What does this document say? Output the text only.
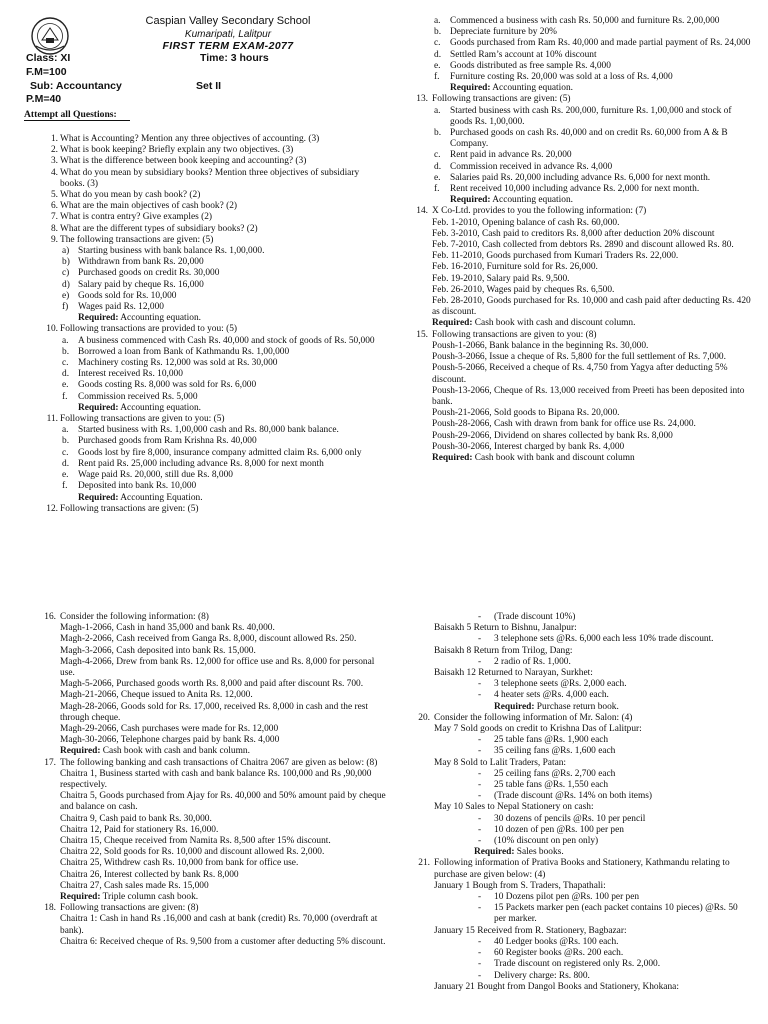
Caspian Valley Secondary School
Kumaripati, Lalitpur
FIRST TERM EXAM-2077
Class: XI	Time: 3 hours
F.M=100
Sub: Accountancy	Set II
P.M=40
Attempt all Questions:
1. What is Accounting? Mention any three objectives of accounting. (3)
2. What is book keeping? Briefly explain any two objectives. (3)
3. What is the difference between book keeping and accounting? (3)
4. What do you mean by subsidiary books? Mention three objectives of subsidiary books. (3)
5. What do you mean by cash book? (2)
6. What are the main objectives of cash book? (2)
7. What is contra entry? Give examples (2)
8. What are the different types of subsidiary books? (2)
9. The following transactions are given: (5)
a) Starting business with bank balance Rs. 1,00,000.
b) Withdrawn from bank Rs. 20,000
c) Purchased goods on credit Rs. 30,000
d) Salary paid by cheque Rs. 16,000
e) Goods sold for Rs. 10,000
f)	Wages paid Rs. 12,000
Required: Accounting equation.
10. Following transactions are provided to you: (5)
a.	A business commenced with Cash Rs. 40,000 and stock of goods of Rs. 50,000
b. Borrowed a loan from Bank of Kathmandu Rs. 1,00,000
c.	Machinery costing Rs. 12,000 was sold at Rs. 30,000
d. Interest received Rs. 10,000
e.	Goods costing Rs. 8,000 was sold for Rs. 6,000
f.	Commission received Rs. 5,000
Required: Accounting equation.
11. Following transactions are given to you: (5)
a.	Started business with Rs. 1,00,000 cash and Rs. 80,000 bank balance.
b. Purchased goods from Ram Krishna Rs. 40,000
c.	Goods lost by fire 8,000, insurance company admitted claim Rs. 6,000 only
d. Rent paid Rs. 25,000 including advance Rs. 8,000 for next month
e.	Wage paid Rs. 20,000, still due Rs. 8,000
f.	Deposited into bank Rs. 10,000
Required: Accounting Equation.
12. Following transactions are given: (5)
a.	Commenced a business with cash Rs. 50,000 and furniture Rs. 2,00,000
b. Depreciate furniture by 20%
c.	Goods purchased from Ram Rs. 40,000 and made partial payment of Rs. 24,000
d. Settled Ram’s account at 10% discount
e.	Goods distributed as free sample Rs. 4,000
f.	Furniture costing Rs. 20,000 was sold at a loss of Rs. 4,000
Required: Accounting equation.
13. Following transactions are given: (5)
a.	Started business with cash Rs. 200,000, furniture Rs. 1,00,000 and stock of goods Rs. 1,00,000.
b. Purchased goods on cash Rs. 40,000 and on credit Rs. 60,000 from A & B Company.
c.	Rent paid in advance Rs. 20,000
d. Commission received in advance Rs. 4,000
e.	Salaries paid Rs. 20,000 including advance Rs. 6,000 for next month.
f.	Rent received 10,000 including advance Rs. 2,000 for next month.
Required: Accounting equation.
14. X Co-Ltd. provides to you the following information: (7)
Feb. 1-2010, Opening balance of cash Rs. 60,000.
Feb. 3-2010, Cash paid to creditors Rs. 8,000 after deduction 20% discount
Feb. 7-2010, Cash collected from debtors Rs. 2890 and discount allowed Rs. 80.
Feb. 11-2010, Goods purchased from Kumari Traders Rs. 22,000.
Feb. 16-2010, Furniture sold for Rs. 26,000.
Feb. 19-2010, Salary paid Rs. 9,500.
Feb. 26-2010, Wages paid by cheques Rs. 6,500.
Feb. 28-2010, Goods purchased for Rs. 10,000 and cash paid after deducting Rs. 420 as discount.
Required: Cash book with cash and discount column.
15. Following transactions are given to you: (8)
Poush-1-2066, Bank balance in the beginning Rs. 30,000.
Poush-3-2066, Issue a cheque of Rs. 5,800 for the full settlement of Rs. 7,000.
Poush-5-2066, Received a cheque of Rs. 4,750 from Yagya after deducting 5% discount.
Poush-13-2066, Cheque of Rs. 13,000 received from Preeti has been deposited into bank.
Poush-21-2066, Sold goods to Bipana Rs. 20,000.
Poush-28-2066, Cash with drawn from bank for office use Rs. 24,000.
Poush-29-2066, Dividend on shares collected by bank Rs. 8,000
Poush-30-2066, Interest charged by bank Rs. 4,000
Required: Cash book with bank and discount column
16. Consider the following information: (8)
Magh-1-2066, Cash in hand 35,000 and bank Rs. 40,000.
Magh-2-2066, Cash received from Ganga Rs. 8,000, discount allowed Rs. 250.
Magh-3-2066, Cash deposited into bank Rs. 15,000.
Magh-4-2066, Drew from bank Rs. 12,000 for office use and Rs. 8,000 for personal use.
Magh-5-2066, Purchased goods worth Rs. 8,000 and paid after discount Rs. 700.
Magh-21-2066, Cheque issued to Anita Rs. 12,000.
Magh-28-2066, Goods sold for Rs. 17,000, received Rs. 8,000 in cash and the rest through cheque.
Magh-29-2066, Cash purchases were made for Rs. 12,000
Magh-30-2066, Telephone charges paid by bank Rs. 4,000
Required: Cash book with cash and bank column.
17. The following banking and cash transactions of Chaitra 2067 are given as below: (8)
Chaitra 1, Business started with cash and bank balance Rs. 100,000 and Rs ,90,000 respectively.
Chaitra 5, Goods purchased from Ajay for Rs. 40,000 and 50% amount paid by cheque and balance on cash.
Chaitra 9, Cash paid to bank Rs. 30,000.
Chaitra 12, Paid for stationery Rs. 16,000.
Chaitra 15, Cheque received from Namita Rs. 8,500 after 15% discount.
Chaitra 22, Sold goods for Rs. 10,000 and discount allowed Rs. 2,000.
Chaitra 25, Withdrew cash Rs. 10,000 from bank for office use.
Chaitra 26, Interest collected by bank Rs. 8,000
Chaitra 27, Cash sales made Rs. 15,000
Required: Triple column cash book.
18. Following transactions are given: (8)
Chaitra 1: Cash in hand Rs .16,000 and cash at bank (credit) Rs. 70,000 (overdraft at bank).
Chaitra 6: Received cheque of Rs. 9,500 from a customer after deducting 5% discount.
- (Trade discount 10%)
Baisakh 5 Return to Bishnu, Janalpur:
- 3 telephone sets @Rs. 6,000 each less 10% trade discount.
Baisakh 8 Return from Trilog, Dang:
- 2 radio of Rs. 1,000.
Baisakh 12 Returned to Narayan, Surkhet:
- 3 telephone seets @Rs. 2,000 each.
- 4 heater sets @Rs. 4,000 each.
Required: Purchase return book.
20. Consider the following information of Mr. Salon: (4)
May 7 Sold goods on credit to Krishna Das of Lalitpur:
- 25 table fans @Rs. 1,900 each
- 35 ceiling fans @Rs. 1,600 each
May 8 Sold to Lalit Traders, Patan:
- 25 ceiling fans @Rs. 2,700 each
- 25 table fans @Rs. 1,550 each
- (Trade discount @Rs. 14% on both items)
May 10 Sales to Nepal Stationery on cash:
- 30 dozens of pencils @Rs. 10 per pencil
- 10 dozen of pen @Rs. 100 per pen
- (10% discount on pen only)
Required: Sales books.
21. Following information of Prativa Books and Stationery, Kathmandu relating to purchase are given below: (4)
January 1 Bough from S. Traders, Thapathali:
- 10 Dozens pilot pen @Rs. 100 per pen
- 15 Packets marker pen (each packet contains 10 pieces) @Rs. 50 per marker.
January 15 Received from R. Stationery, Bagbazar:
- 40 Ledger books @Rs. 100 each.
- 60 Register books @Rs. 200 each.
- Trade discount on registered only Rs. 2,000.
- Delivery charge: Rs. 800.
January 21 Bought from Dangol Books and Stationery, Khokana:
